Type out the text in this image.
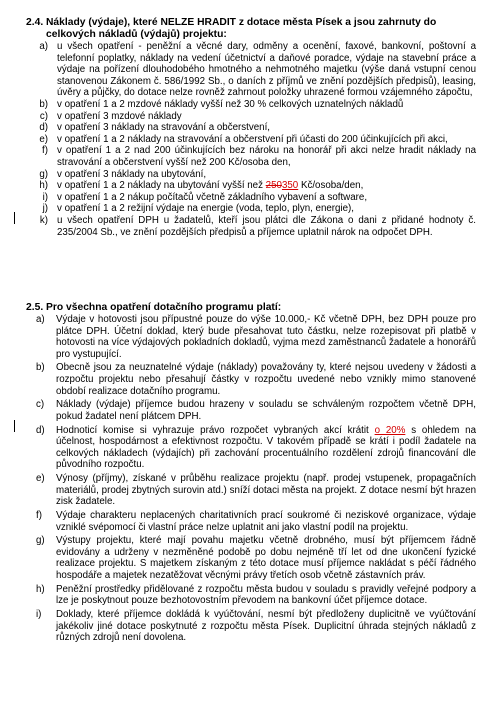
2.4. Náklady (výdaje), které NELZE HRADIT z dotace města Písek a jsou zahrnuty do celkových nákladů (výdajů) projektu:
a) u všech opatření - peněžní a věcné dary, odměny a ocenění, faxové, bankovní, poštovní a telefonní poplatky, náklady na vedení účetnictví a daňové poradce, výdaje na stavební práce a výdaje na pořízení dlouhodobého hmotného a nehmotného majetku (výše daná vstupní cenou stanovenou Zákonem č. 586/1992 Sb., o daních z příjmů ve znění pozdějších předpisů), leasing, úvěry a půjčky, do dotace nelze rovněž zahrnout položky uhrazené formou vzájemného zápočtu,
b) v opatření 1 a 2 mzdové náklady vyšší než 30 % celkových uznatelných nákladů
c) v opatření 3 mzdové náklady
d) v opatření 3 náklady na stravování a občerstvení,
e) v opatření 1 a 2 náklady na stravování a občerstvení při účasti do 200 účinkujících při akci,
f) v opatření 1 a 2 nad 200 účinkujících bez nároku na honorář při akci nelze hradit náklady na stravování a občerstvení vyšší než 200 Kč/osoba den,
g) v opatření 3 náklady na ubytování,
h) v opatření 1 a 2 náklady na ubytování vyšší než 250350 Kč/osoba/den,
i) v opatření 1 a 2 nákup počítačů včetně základního vybavení a software,
j) v opatření 1 a 2 režijní výdaje na energie (voda, teplo, plyn, energie),
k) u všech opatření DPH u žadatelů, kteří jsou plátci dle Zákona o dani z přidané hodnoty č. 235/2004 Sb., ve znění pozdějších předpisů a příjemce uplatnil nárok na odpočet DPH.
2.5. Pro všechna opatření dotačního programu platí:
a)	Výdaje v hotovosti jsou přípustné pouze do výše 10.000,- Kč včetně DPH, bez DPH pouze pro plátce DPH. Účetní doklad, který bude přesahovat tuto částku, nelze rozepisovat při platbě v hotovosti na více výdajových pokladních dokladů, vyjma mezd zaměstnanců žadatele a honorářů pro vystupující.
b)	Obecně jsou za neuznatelné výdaje (náklady) považovány ty, které nejsou uvedeny v žádosti a rozpočtu projektu nebo přesahují částky v rozpočtu uvedené nebo vznikly mimo stanovené období realizace dotačního programu.
c)	Náklady (výdaje) příjemce budou hrazeny v souladu se schváleným rozpočtem včetně DPH, pokud žadatel není plátcem DPH.
d)	Hodnoticí komise si vyhrazuje právo rozpočet vybraných akcí krátit o 20% s ohledem na účelnost, hospodárnost a efektivnost rozpočtu. V takovém případě se krátí i podíl žadatele na celkových nákladech (výdajích) při zachování procentuálního rozdělení zdrojů financování dle původního rozpočtu.
e)	Výnosy (příjmy), získané v průběhu realizace projektu (např. prodej vstupenek, propagačních materiálů, prodej zbytných surovin atd.) sníží dotaci města na projekt. Z dotace nesmí být hrazen zisk žadatele.
f)	Výdaje charakteru neplacených charitativních prací soukromé či neziskové organizace, výdaje vzniklé svépomocí či vlastní práce nelze uplatnit ani jako vlastní podíl na projektu.
g)	Výstupy projektu, které mají povahu majetku včetně drobného, musí být příjemcem řádně evidovány a udrženy v nezměněné podobě po dobu nejméně tří let od dne ukončení fyzické realizace projektu. S majetkem získaným z této dotace musí příjemce nakládat s péčí řádného hospodáře a majetek nezatěžovat věcnými právy třetích osob včetně zástavních práv.
h)	Peněžní prostředky přidělované z rozpočtu města budou v souladu s pravidly veřejné podpory a lze je poskytnout pouze bezhotovostním převodem na bankovní účet příjemce dotace.
i)	Doklady, které příjemce dokládá k vyúčtování, nesmí být předloženy duplicitně ve vyúčtování jakékoliv jiné dotace poskytnuté z rozpočtu města Písek. Duplicitní úhrada stejných nákladů z různých zdrojů není dovolena.
